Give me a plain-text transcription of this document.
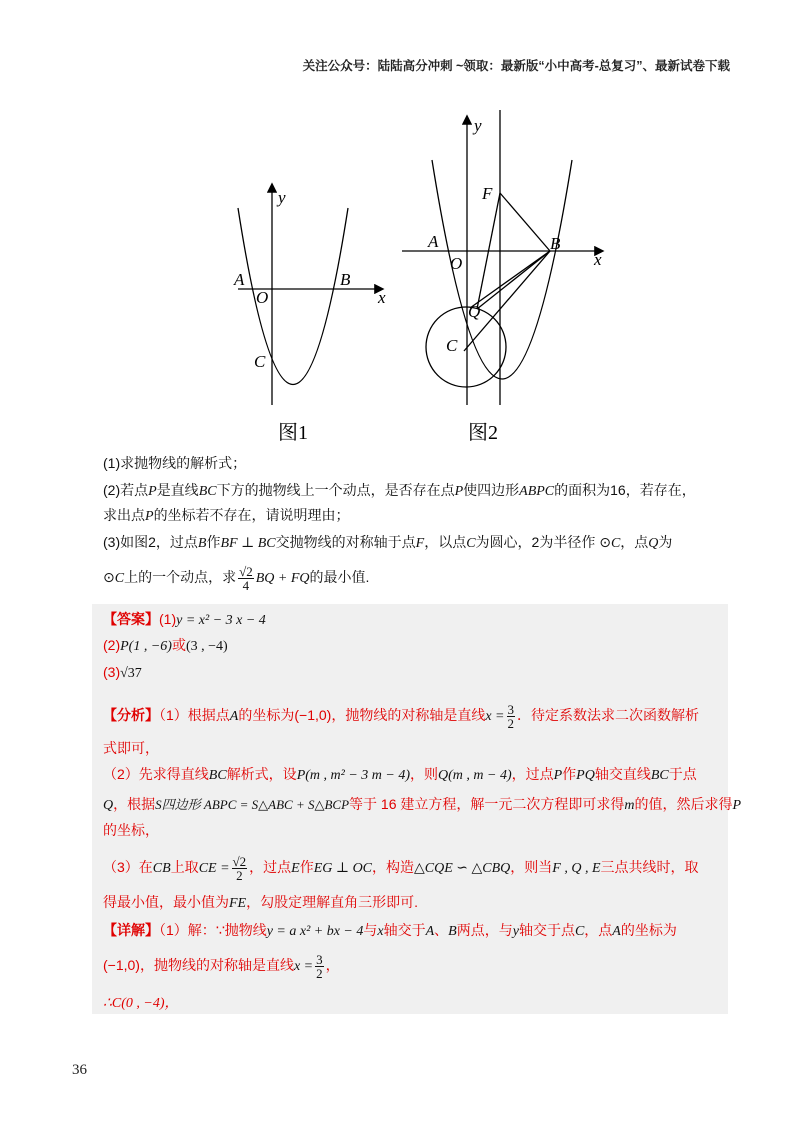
关注公众号：陆陆高分冲刺 ~领取：最新版“小中高考-总复习”、最新试卷下载
y
x
A
O
B
C
y
x
A
O
B
F
Q
C
图1	图2
(1)求抛物线的解析式；
(2)若点P是直线BC下方的抛物线上一个动点，是否存在点P使四边形ABPC的面积为16，若存在，
求出点P的坐标若不存在，请说明理由；
(3)如图2，过点B作BF ⊥ BC交抛物线的对称轴于点F，以点C为圆心，2为半径作 ⊙C，点Q为
⊙C上的一个动点，求 $\frac{√2}{4}$ BQ + FQ的最小值.
【答案】(1)y = x² − 3 x − 4
(2)P(1 , −6)或(3 , −4)
(3)√37
【分析】（1）根据点A的坐标为(−1,0)，抛物线的对称轴是直线$x = \frac{3}{2}$ ．待定系数法求二次函数解析
式即可，
（2）先求得直线BC解析式，设P(m , m² − 3 m − 4)，则Q(m , m − 4)，过点P作PQ轴交直线BC于点
Q，根据S四边形 ABPC = S△ABC + S△BCP等于 16 建立方程，解一元二次方程即可求得m的值，然后求得P
的坐标，
（3）在CB上取CE = $\frac{√2}{2}$ ，过点E作EG ⊥ OC，构造△CQE ∽ △CBQ，则当F , Q , E三点共线时，取
得最小值，最小值为FE，勾股定理解直角三形即可.
【详解】（1）解：∵抛物线y = a x² + bx − 4与x轴交于A、B两点，与y轴交于点C，点A的坐标为
(−1,0)，抛物线的对称轴是直线$x = \frac{3}{2}$ ，
∴C(0 , −4)，
36
